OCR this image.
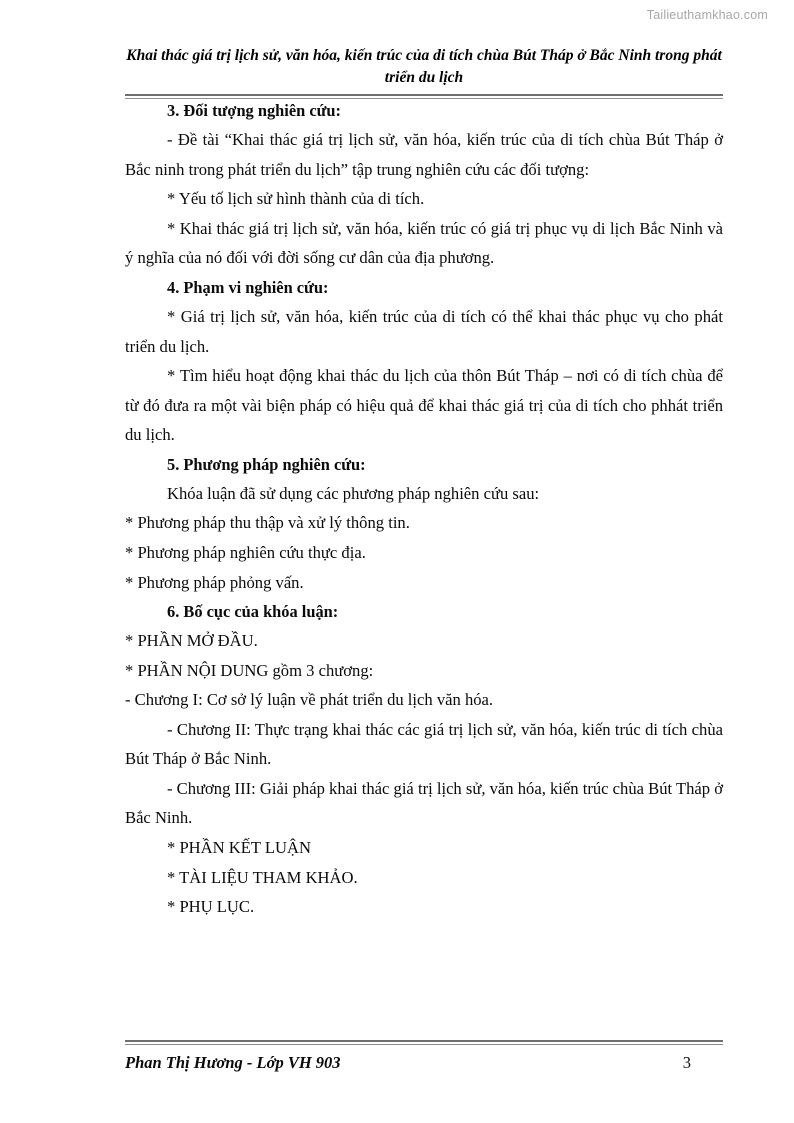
Tailieuthamkhao.com
Khai thác giá trị lịch sử, văn hóa, kiến trúc của di tích chùa Bút Tháp ở Bắc Ninh trong phát triển du lịch

3. Đối tượng nghiên cứu:

- Đề tài “Khai thác giá trị lịch sử, văn hóa, kiến trúc của di tích chùa Bút Tháp ở Bắc ninh trong phát triển du lịch” tập trung nghiên cứu các đối tượng:

* Yếu tố lịch sử hình thành của di tích.

* Khai thác giá trị lịch sử, văn hóa, kiến trúc có giá trị phục vụ di lịch Bắc Ninh và ý nghĩa của nó đối với đời sống cư dân của địa phương.

4. Phạm vi nghiên cứu:

* Giá trị lịch sử, văn hóa, kiến trúc của di tích có thể khai thác phục vụ cho phát triển du lịch.

* Tìm hiểu hoạt động khai thác du lịch của thôn Bút Tháp – nơi có di tích chùa để từ đó đưa ra một vài biện pháp có hiệu quả để khai thác giá trị của di tích cho phhát triển du lịch.

5. Phương pháp nghiên cứu:

Khóa luận đã sử dụng các phương pháp nghiên cứu sau:

* Phương pháp thu thập và xử lý thông tin.

* Phương pháp nghiên cứu thực địa.

* Phương pháp phỏng vấn.

6. Bố cục của khóa luận:

* PHẦN MỞ ĐẦU.

* PHẦN NỘI DUNG gồm 3 chương:

- Chương I: Cơ sở lý luận về phát triển du lịch văn hóa.

- Chương II: Thực trạng khai thác các giá trị lịch sử, văn hóa, kiến trúc di tích chùa Bút Tháp ở Bắc Ninh.

- Chương III: Giải pháp khai thác giá trị lịch sử, văn hóa, kiến trúc chùa Bút Tháp ở Bắc Ninh.

* PHẦN KẾT LUẬN

* TÀI LIỆU THAM KHẢO.

* PHỤ LỤC.

Phan Thị Hương - Lớp VH 903	3
